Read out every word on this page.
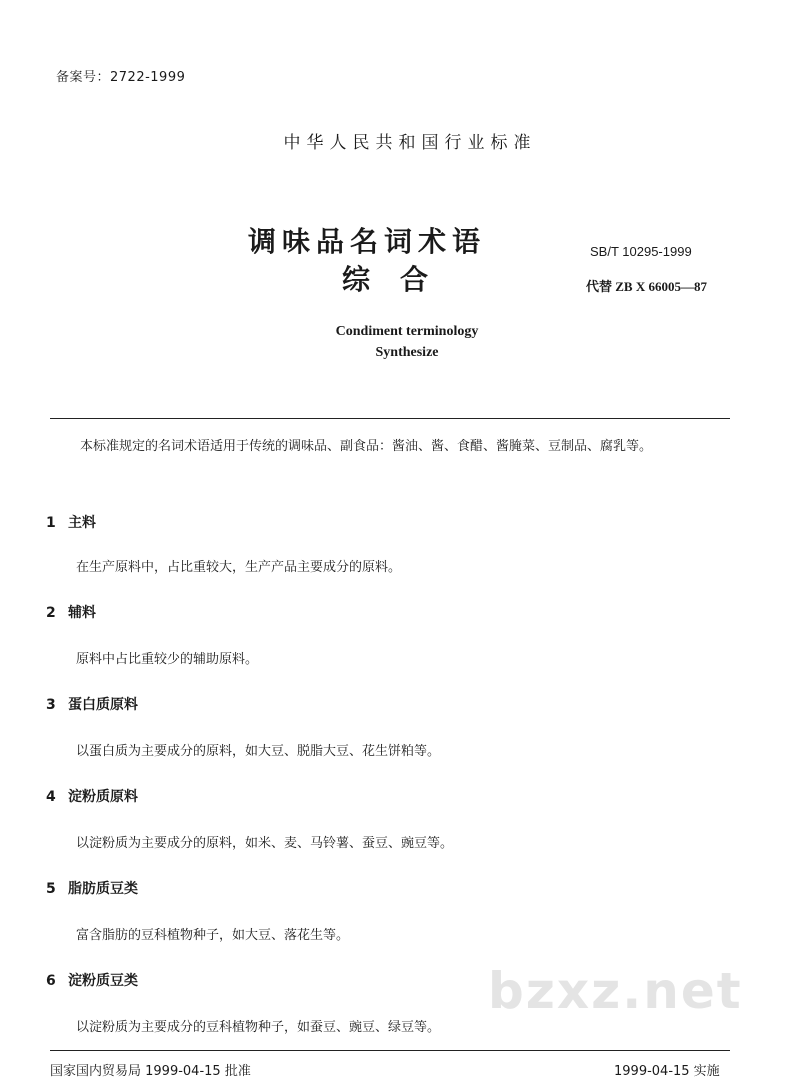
备案号：2722-1999
中华人民共和国行业标准
调味品名词术语
综合
SB/T 10295-1999
代替 ZB X 66005—87
Condiment terminology
Synthesize
本标准规定的名词术语适用于传统的调味品、副食品：酱油、酱、食醋、酱腌菜、豆制品、腐乳等。
1 主料
在生产原料中，占比重较大，生产产品主要成分的原料。
2 辅料
原料中占比重较少的辅助原料。
3 蛋白质原料
以蛋白质为主要成分的原料，如大豆、脱脂大豆、花生饼粕等。
4 淀粉质原料
以淀粉质为主要成分的原料，如米、麦、马铃薯、蚕豆、豌豆等。
5 脂肪质豆类
富含脂肪的豆科植物种子，如大豆、落花生等。
6 淀粉质豆类
以淀粉质为主要成分的豆科植物种子，如蚕豆、豌豆、绿豆等。
bzxz.net
国家国内贸易局 1999-04-15 批准	1999-04-15 实施
